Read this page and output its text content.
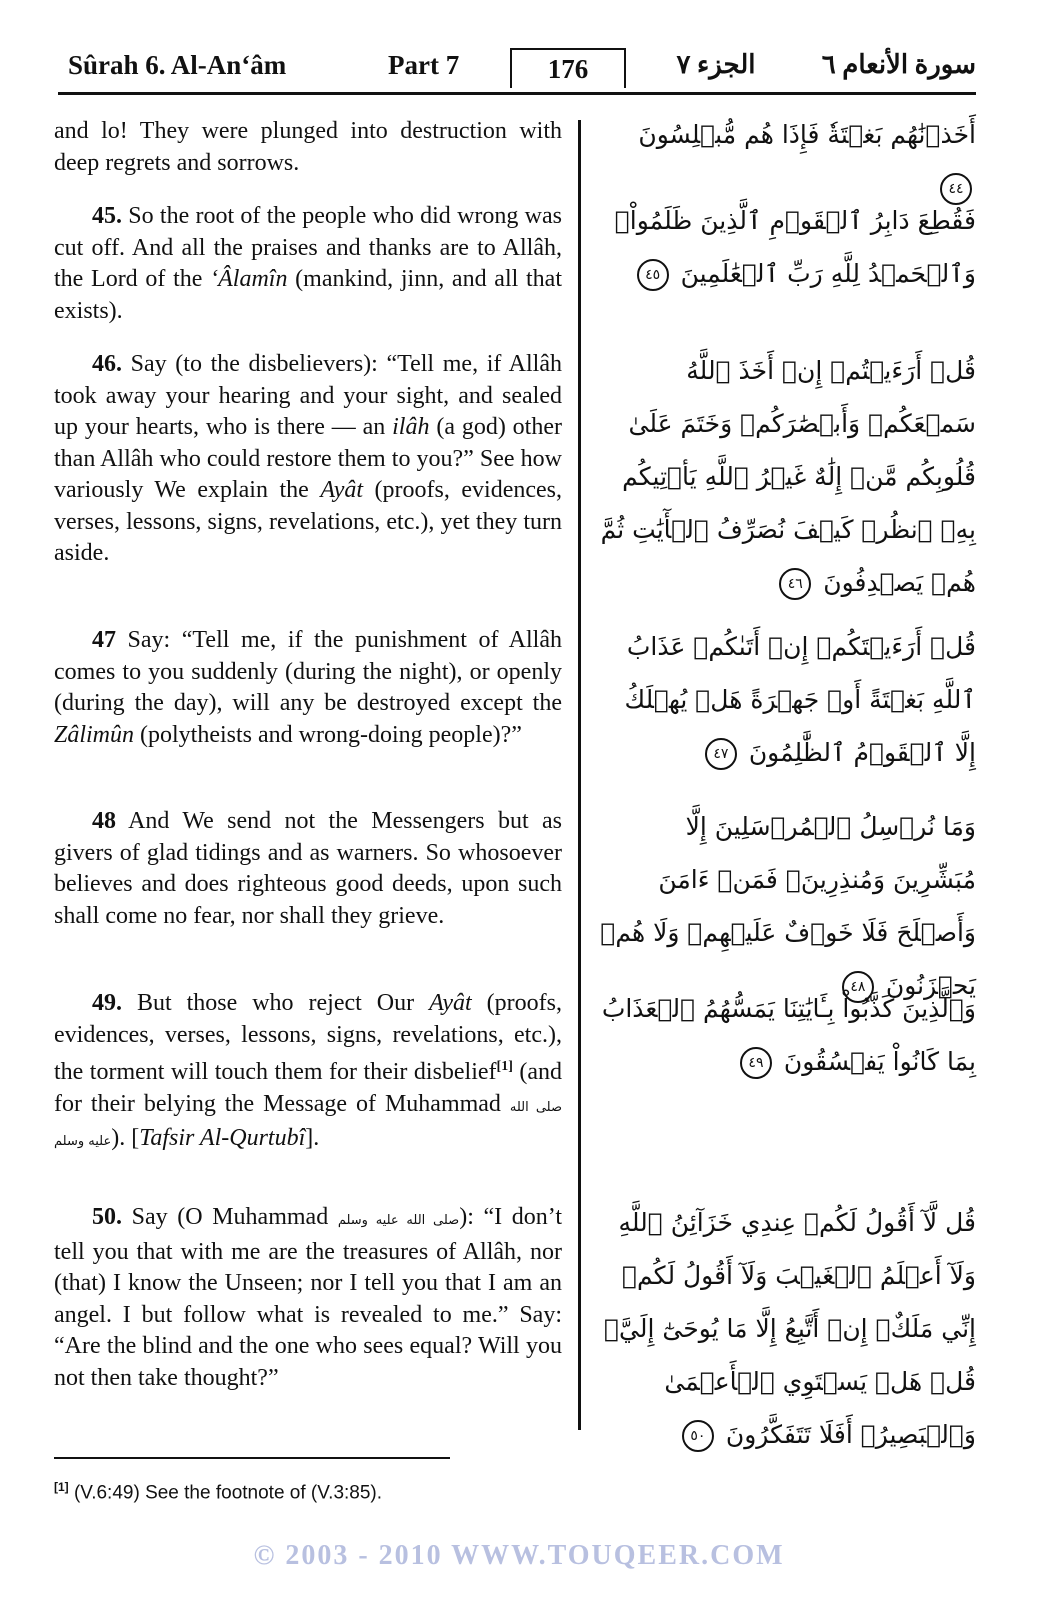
Sûrah 6. Al-An‘âm	Part 7	176	الجزء ٧	سورة الأنعام ٦
and lo! They were plunged into destruction with deep regrets and sorrows.
45. So the root of the people who did wrong was cut off. And all the praises and thanks are to Allâh, the Lord of the ‘Âlamîn (mankind, jinn, and all that exists).
46. Say (to the disbelievers): “Tell me, if Allâh took away your hearing and your sight, and sealed up your hearts, who is there — an ilâh (a god) other than Allâh who could restore them to you?” See how variously We explain the Ayât (proofs, evidences, verses, lessons, signs, revelations, etc.), yet they turn aside.
47 Say: “Tell me, if the punishment of Allâh comes to you suddenly (during the night), or openly (during the day), will any be destroyed except the Zâlimûn (polytheists and wrong-doing people)?”
48 And We send not the Messengers but as givers of glad tidings and as warners. So whosoever believes and does righteous good deeds, upon such shall come no fear, nor shall they grieve.
49. But those who reject Our Ayât (proofs, evidences, verses, lessons, signs, revelations, etc.), the torment will touch them for their disbelief[1] (and for their belying the Message of Muhammad صلى الله عليه وسلم). [Tafsir Al-Qurtubî].
50. Say (O Muhammad صلى الله عليه وسلم): “I don’t tell you that with me are the treasures of Allâh, nor (that) I know the Unseen; nor I tell you that I am an angel. I but follow what is revealed to me.” Say: “Are the blind and the one who sees equal? Will you not then take thought?”
أَخَذۡنَٰهُم بَغۡتَةٗ فَإِذَا هُم مُّبۡلِسُونَ ٤٤
فَقُطِعَ دَابِرُ ٱلۡقَوۡمِ ٱلَّذِينَ ظَلَمُواْۚ وَٱلۡحَمۡدُ لِلَّهِ رَبِّ ٱلۡعَٰلَمِينَ ٤٥
قُلۡ أَرَءَيۡتُمۡ إِنۡ أَخَذَ ٱللَّهُ سَمۡعَكُمۡ وَأَبۡصَٰرَكُمۡ وَخَتَمَ عَلَىٰ قُلُوبِكُم مَّنۡ إِلَٰهٌ غَيۡرُ ٱللَّهِ يَأۡتِيكُم بِهِۗ ٱنظُرۡ كَيۡفَ نُصَرِّفُ ٱلۡأٓيَٰتِ ثُمَّ هُمۡ يَصۡدِفُونَ ٤٦
قُلۡ أَرَءَيۡتَكُمۡ إِنۡ أَتَىٰكُمۡ عَذَابُ ٱللَّهِ بَغۡتَةً أَوۡ جَهۡرَةً هَلۡ يُهۡلَكُ إِلَّا ٱلۡقَوۡمُ ٱلظَّٰلِمُونَ ٤٧
وَمَا نُرۡسِلُ ٱلۡمُرۡسَلِينَ إِلَّا مُبَشِّرِينَ وَمُنذِرِينَۖ فَمَنۡ ءَامَنَ وَأَصۡلَحَ فَلَا خَوۡفٌ عَلَيۡهِمۡ وَلَا هُمۡ يَحۡزَنُونَ ٤٨
وَٱلَّذِينَ كَذَّبُواْ بِـَٔايَٰتِنَا يَمَسُّهُمُ ٱلۡعَذَابُ بِمَا كَانُواْ يَفۡسُقُونَ ٤٩
قُل لَّآ أَقُولُ لَكُمۡ عِندِي خَزَآئِنُ ٱللَّهِ وَلَآ أَعۡلَمُ ٱلۡغَيۡبَ وَلَآ أَقُولُ لَكُمۡ إِنِّي مَلَكٌۖ إِنۡ أَتَّبِعُ إِلَّا مَا يُوحَىٰٓ إِلَيَّۚ قُلۡ هَلۡ يَسۡتَوِي ٱلۡأَعۡمَىٰ وَٱلۡبَصِيرُۚ أَفَلَا تَتَفَكَّرُونَ ٥٠
[1] (V.6:49) See the footnote of (V.3:85).
© 2003 - 2010 WWW.TOUQEER.COM
